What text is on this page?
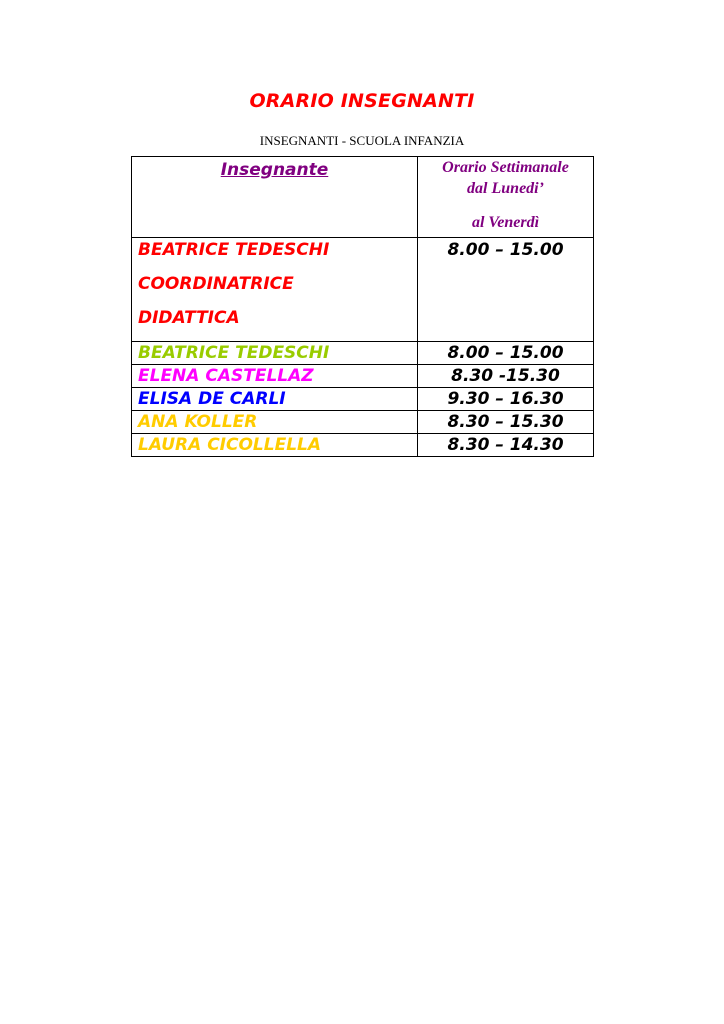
ORARIO INSEGNANTI
INSEGNANTI - SCUOLA INFANZIA
Insegnante	Orario Settimanale
dal Lunedi’
al Venerdì

BEATRICE TEDESCHI
COORDINATRICE
DIDATTICA	8.00 – 15.00
BEATRICE TEDESCHI	8.00 – 15.00
ELENA CASTELLAZ	8.30 -15.30
ELISA DE CARLI	9.30 – 16.30
ANA KOLLER	8.30 – 15.30
LAURA CICOLLELLA	8.30 – 14.30
